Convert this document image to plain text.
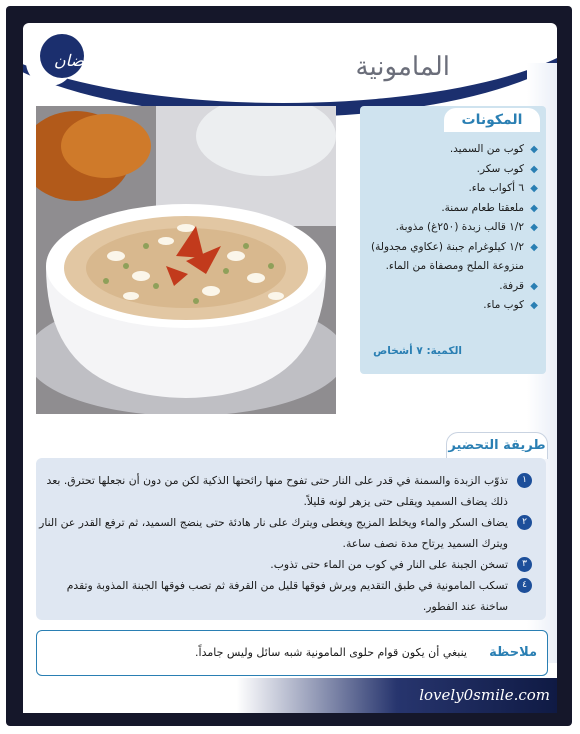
أطايب رمضان	المامونية
المكونات
◆
كوب من السميد.
◆
كوب سكر.
◆
٦ أكواب ماء.
◆
ملعقتا طعام سمنة.
◆
١/٢ قالب زبدة (٢٥٠غ) مذوبة.
◆
١/٢ كيلوغرام جبنة (عكاوي مجدولة) منزوعة الملح ومصفاة من الماء.
◆
قرفة.
◆
كوب ماء.
الكمية: ٧ أشخاص
طريقة التحضير
١
تذوّب الزبدة والسمنة في قدر على النار حتى تفوح منها رائحتها الذكية لكن من دون أن نجعلها تحترق. بعد ذلك يضاف السميد ويقلى حتى يزهر لونه قليلاً.
٢
يضاف السكر والماء ويخلط المزيج ويغطى ويترك على نار هادئة حتى ينضج السميد، ثم ترفع القدر عن النار ويترك السميد يرتاح مدة نصف ساعة.
٣
تسخن الجبنة على النار في كوب من الماء حتى تذوب.
٤
تسكب المامونية في طبق التقديم ويرش فوقها قليل من القرفة ثم تصب فوقها الجبنة المذوبة وتقدم ساخنة عند الفطور.
ملاحظة
ينبغي أن يكون قوام حلوى المامونية شبه سائل وليس جامداً.
lovely0smile.com
